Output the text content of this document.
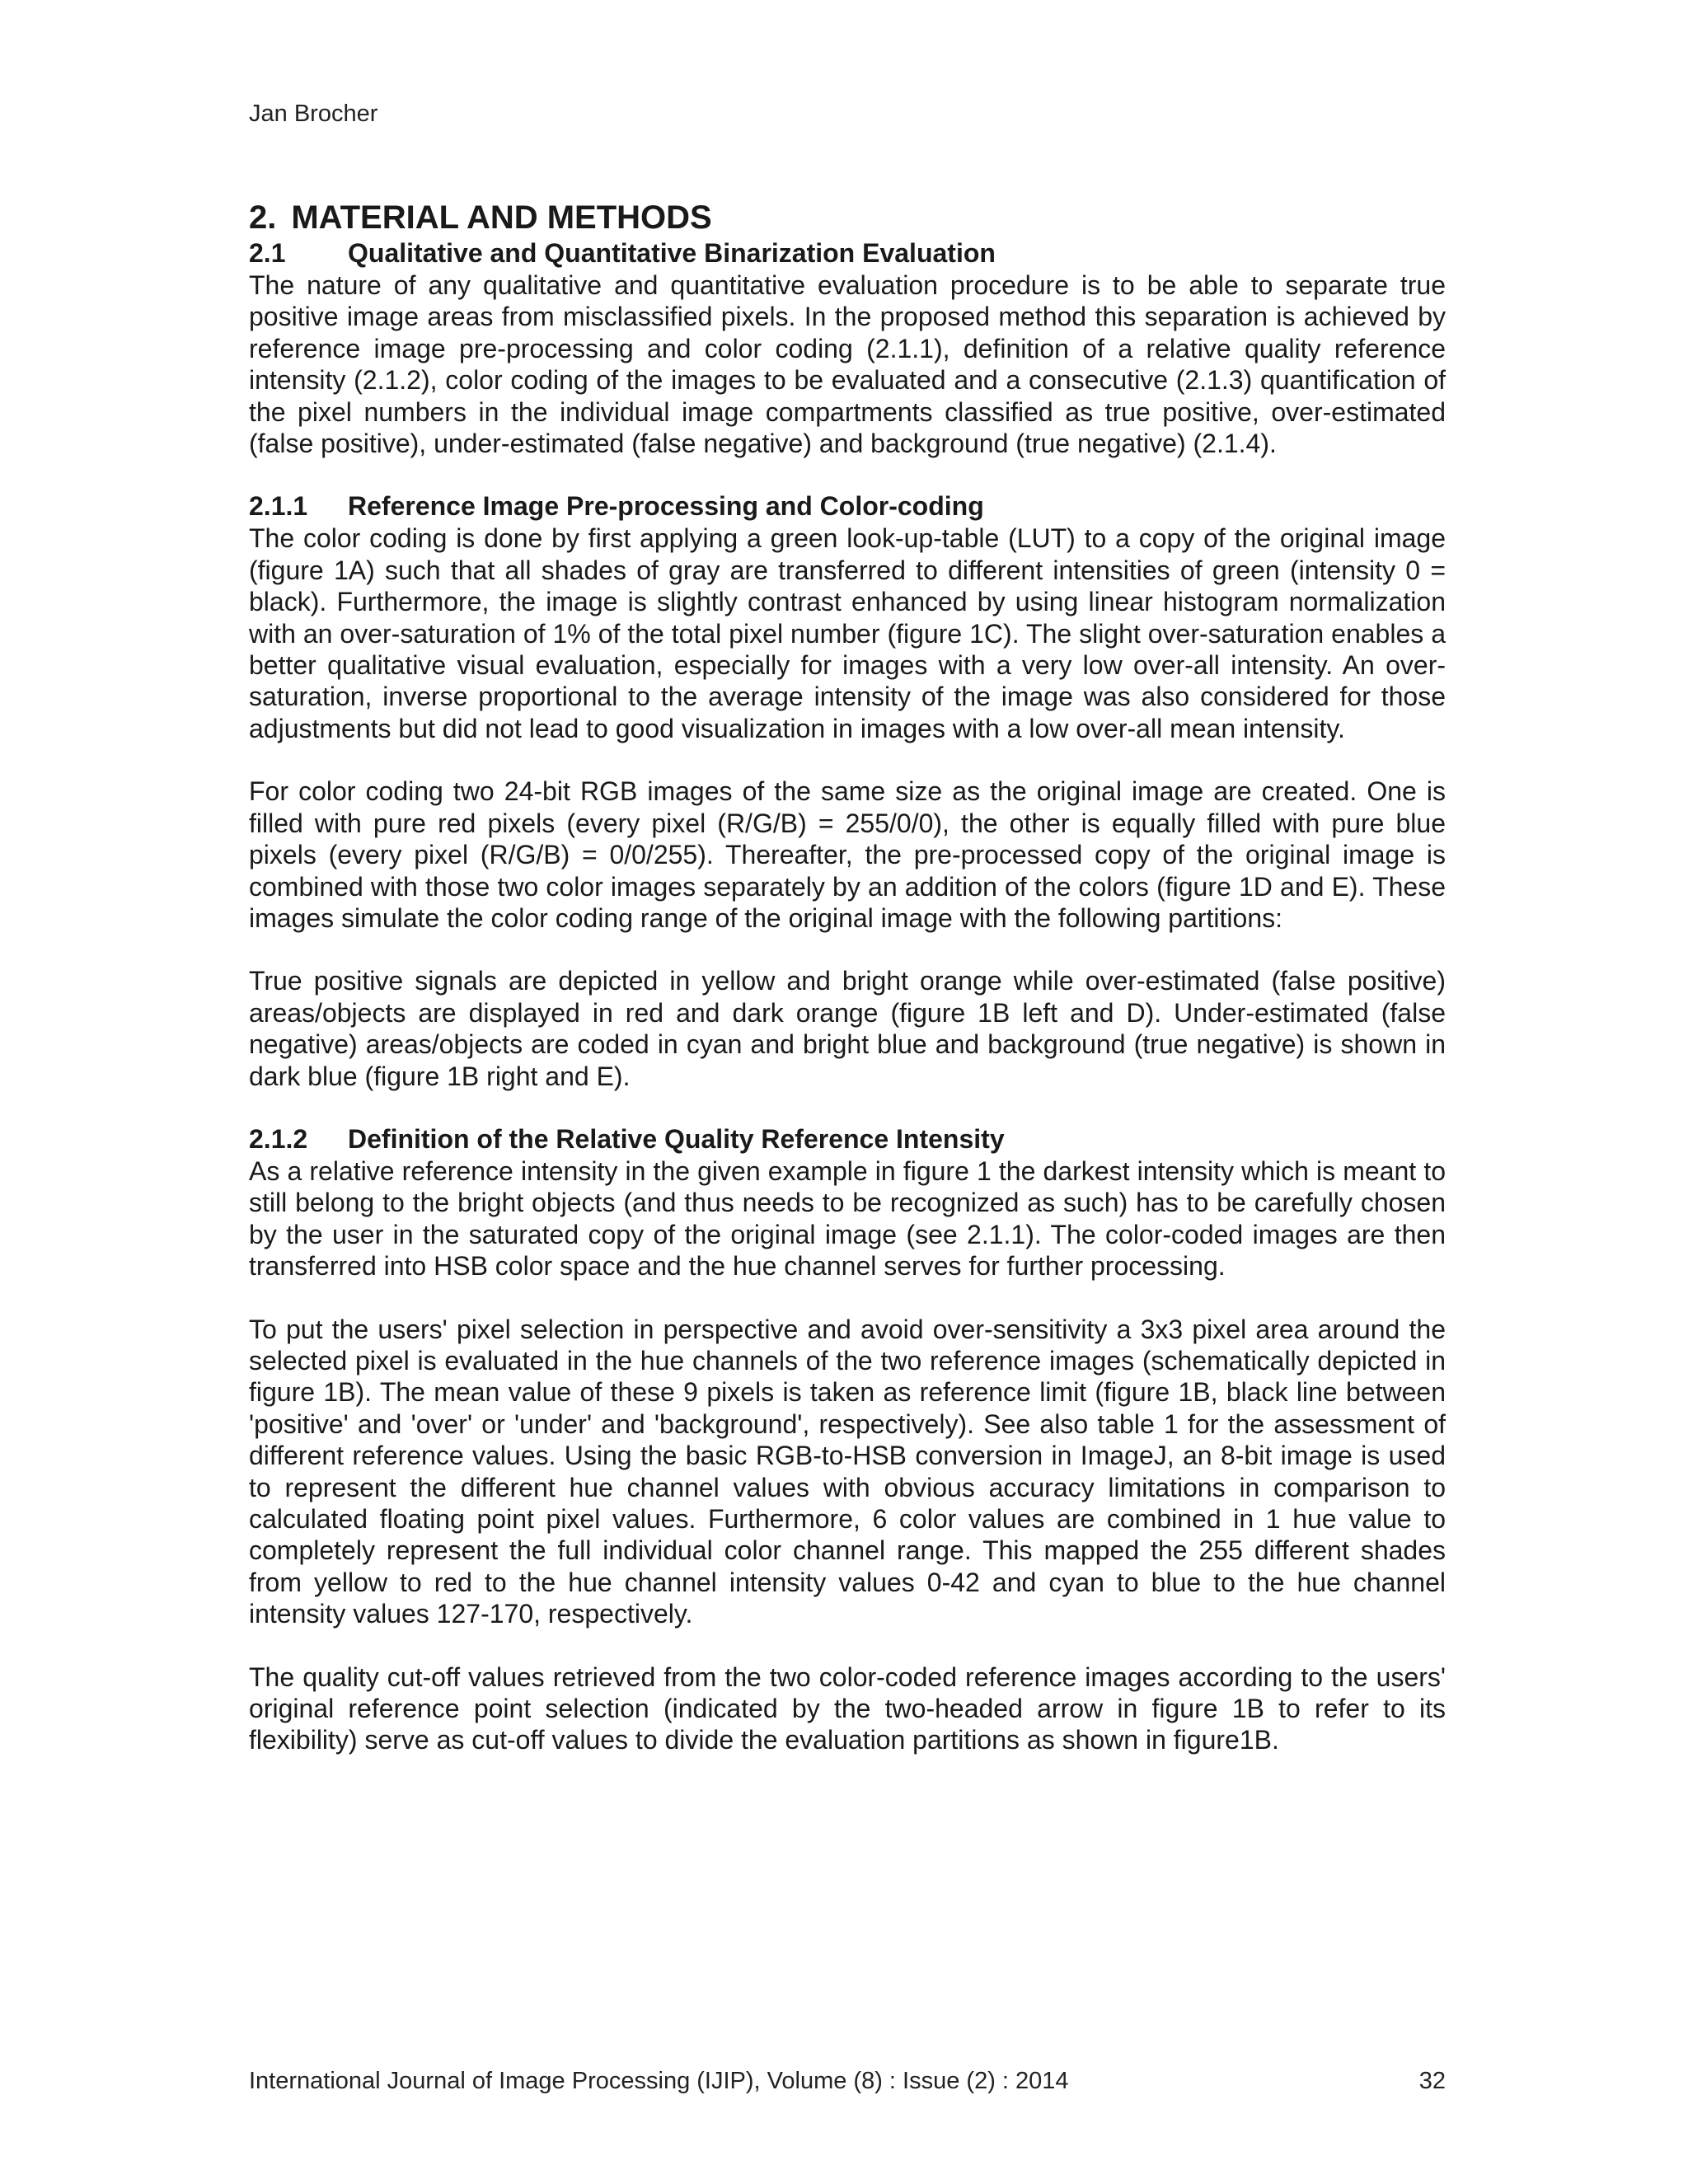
Jan Brocher
2. MATERIAL AND METHODS
2.1 Qualitative and Quantitative Binarization Evaluation

The nature of any qualitative and quantitative evaluation procedure is to be able to separate true positive image areas from misclassified pixels. In the proposed method this separation is achieved by reference image pre-processing and color coding (2.1.1), definition of a relative quality reference intensity (2.1.2), color coding of the images to be evaluated and a consecutive (2.1.3) quantification of the pixel numbers in the individual image compartments classified as true positive, over-estimated (false positive), under-estimated (false negative) and background (true negative) (2.1.4).

2.1.1 Reference Image Pre-processing and Color-coding

The color coding is done by first applying a green look-up-table (LUT) to a copy of the original image (figure 1A) such that all shades of gray are transferred to different intensities of green (intensity 0 = black). Furthermore, the image is slightly contrast enhanced by using linear histogram normalization with an over-saturation of 1% of the total pixel number (figure 1C). The slight over-saturation enables a better qualitative visual evaluation, especially for images with a very low over-all intensity. An over-saturation, inverse proportional to the average intensity of the image was also considered for those adjustments but did not lead to good visualization in images with a low over-all mean intensity.

For color coding two 24-bit RGB images of the same size as the original image are created. One is filled with pure red pixels (every pixel (R/G/B) = 255/0/0), the other is equally filled with pure blue pixels (every pixel (R/G/B) = 0/0/255). Thereafter, the pre-processed copy of the original image is combined with those two color images separately by an addition of the colors (figure 1D and E). These images simulate the color coding range of the original image with the following partitions:

True positive signals are depicted in yellow and bright orange while over-estimated (false positive) areas/objects are displayed in red and dark orange (figure 1B left and D). Under-estimated (false negative) areas/objects are coded in cyan and bright blue and background (true negative) is shown in dark blue (figure 1B right and E).

2.1.2 Definition of the Relative Quality Reference Intensity

As a relative reference intensity in the given example in figure 1 the darkest intensity which is meant to still belong to the bright objects (and thus needs to be recognized as such) has to be carefully chosen by the user in the saturated copy of the original image (see 2.1.1). The color-coded images are then transferred into HSB color space and the hue channel serves for further processing.

To put the users' pixel selection in perspective and avoid over-sensitivity a 3x3 pixel area around the selected pixel is evaluated in the hue channels of the two reference images (schematically depicted in figure 1B). The mean value of these 9 pixels is taken as reference limit (figure 1B, black line between 'positive' and 'over' or 'under' and 'background', respectively). See also table 1 for the assessment of different reference values. Using the basic RGB-to-HSB conversion in ImageJ, an 8-bit image is used to represent the different hue channel values with obvious accuracy limitations in comparison to calculated floating point pixel values. Furthermore, 6 color values are combined in 1 hue value to completely represent the full individual color channel range. This mapped the 255 different shades from yellow to red to the hue channel intensity values 0-42 and cyan to blue to the hue channel intensity values 127-170, respectively.

The quality cut-off values retrieved from the two color-coded reference images according to the users' original reference point selection (indicated by the two-headed arrow in figure 1B to refer to its flexibility) serve as cut-off values to divide the evaluation partitions as shown in figure1B.

International Journal of Image Processing (IJIP), Volume (8) : Issue (2) : 2014	32
